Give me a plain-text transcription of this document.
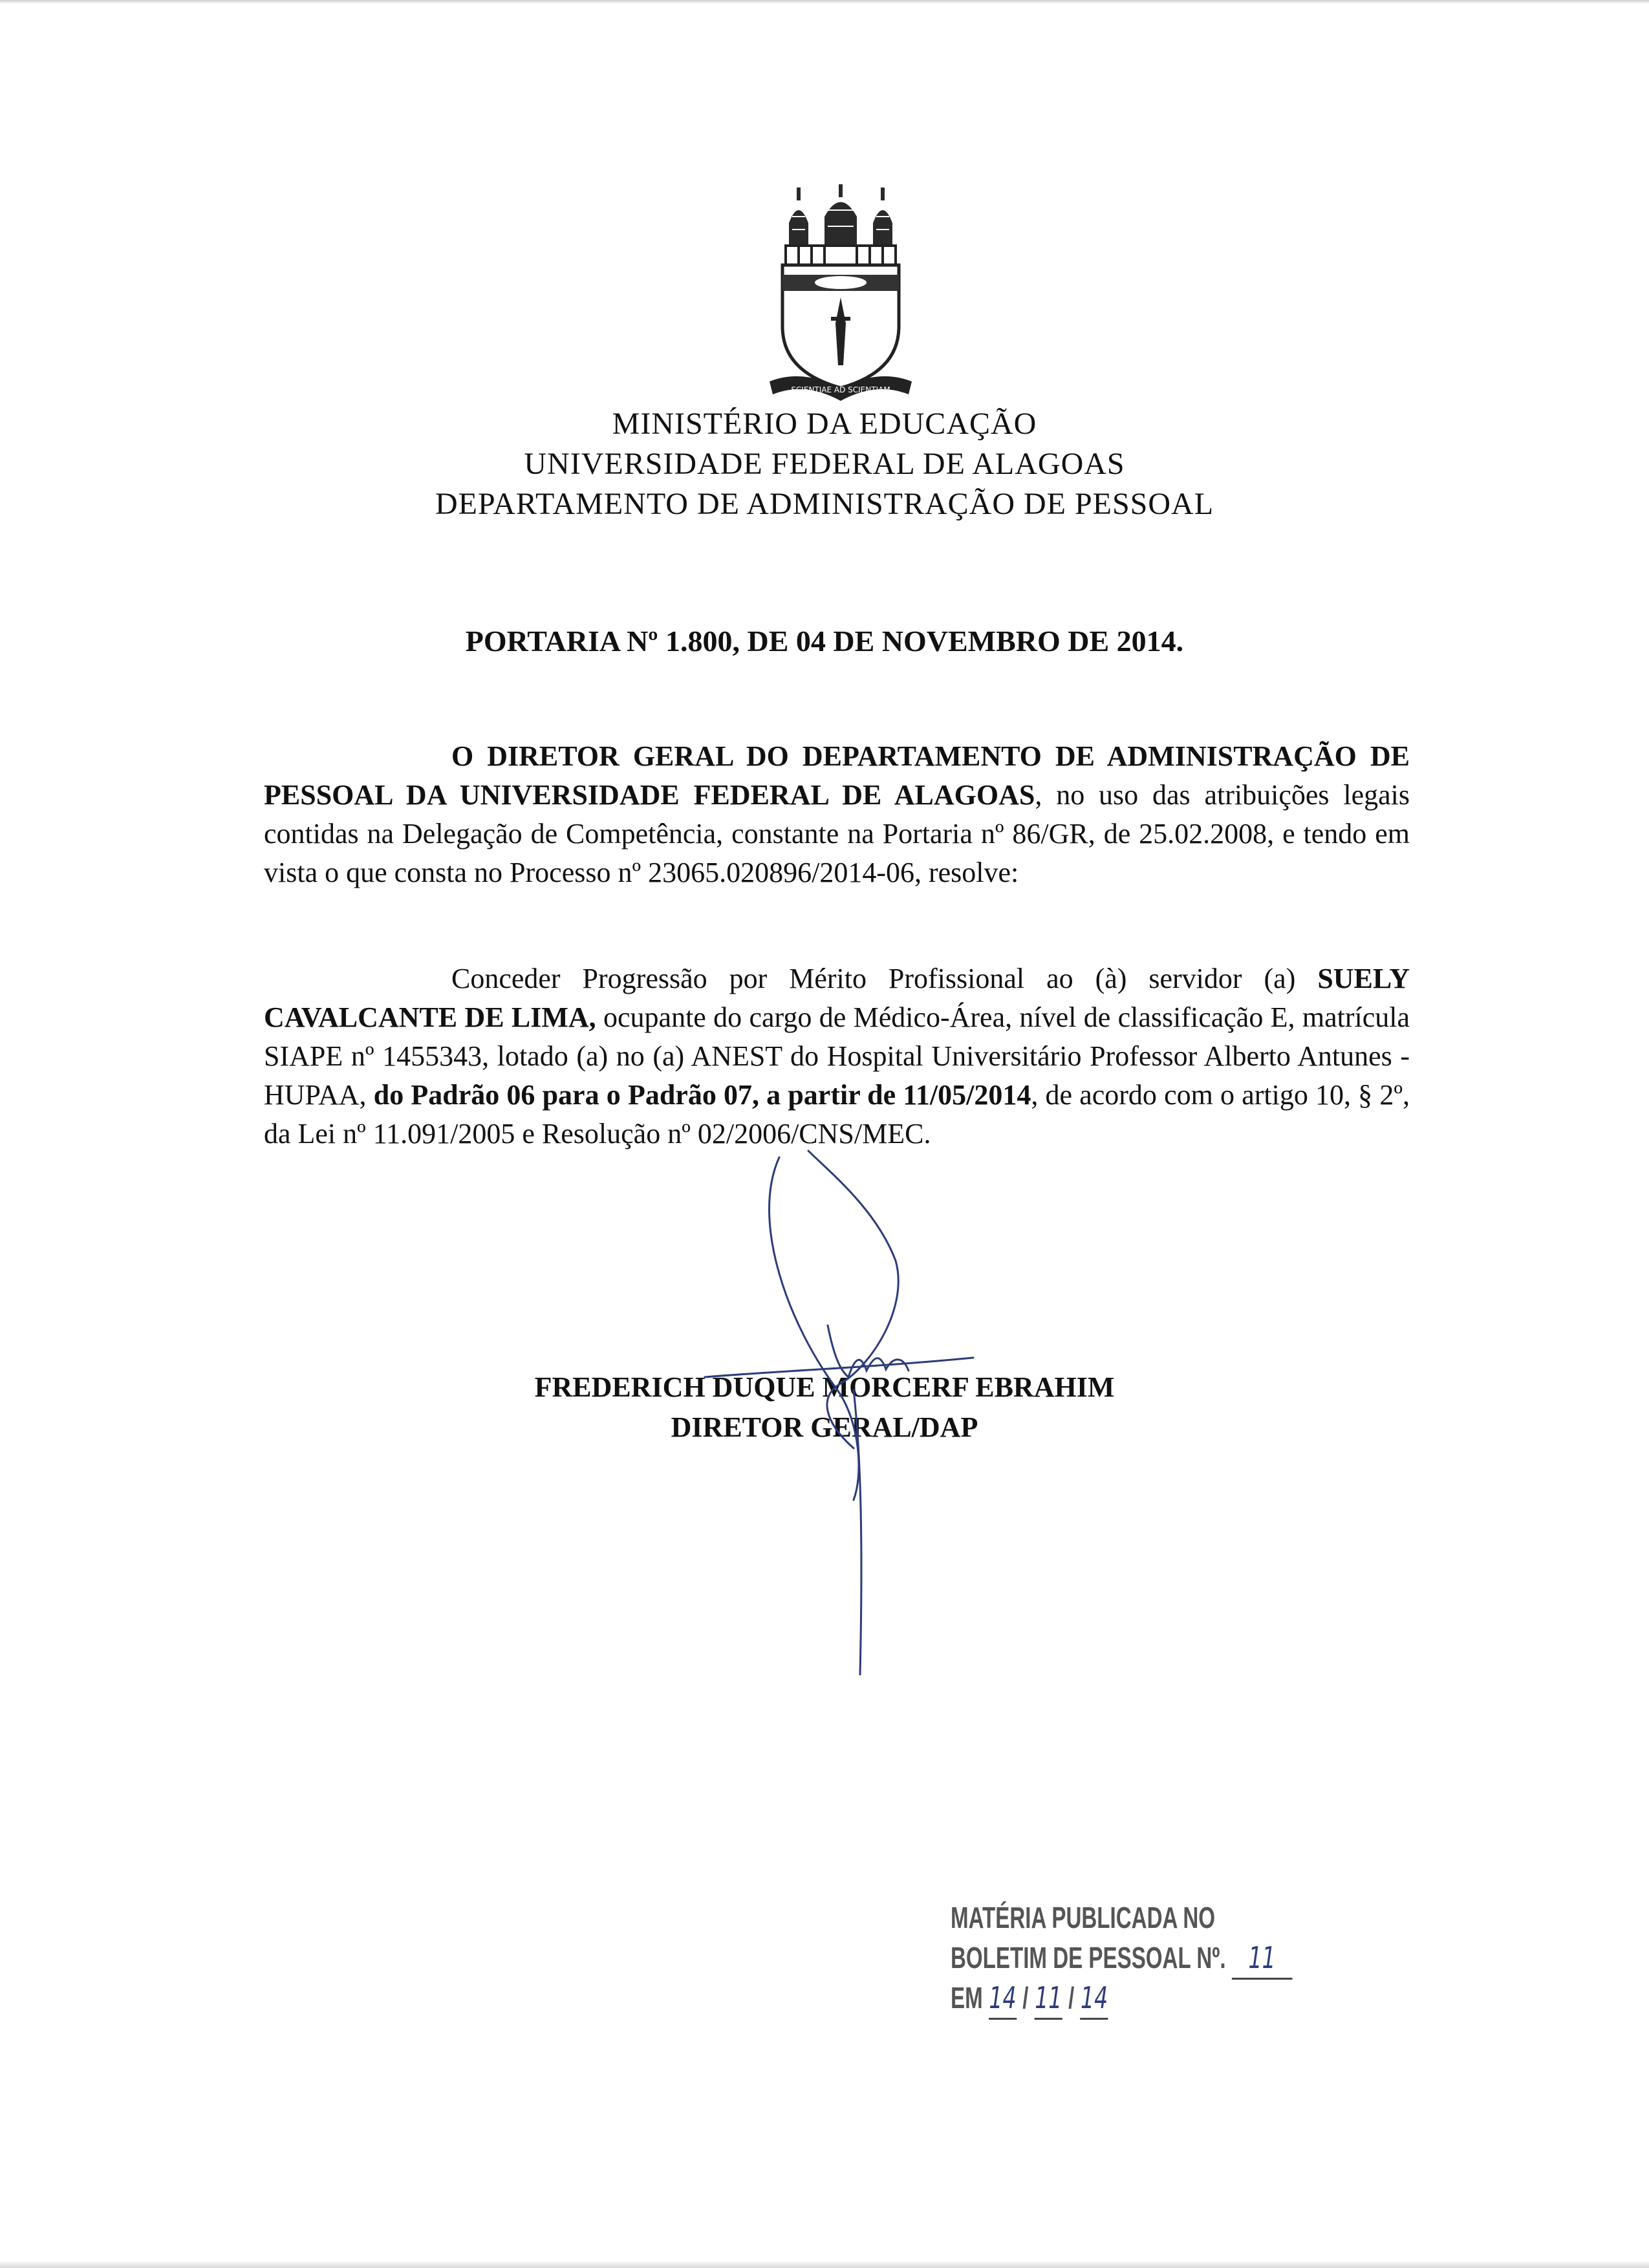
SCIENTIAE AD SCIENTIAM
MINISTÉRIO DA EDUCAÇÃO
UNIVERSIDADE FEDERAL DE ALAGOAS
DEPARTAMENTO DE ADMINISTRAÇÃO DE PESSOAL
PORTARIA Nº 1.800, DE 04 DE NOVEMBRO DE 2014.
O DIRETOR GERAL DO DEPARTAMENTO DE ADMINISTRAÇÃO DE PESSOAL DA UNIVERSIDADE FEDERAL DE ALAGOAS, no uso das atribuições legais contidas na Delegação de Competência, constante na Portaria nº 86/GR, de 25.02.2008, e tendo em vista o que consta no Processo nº 23065.020896/2014-06, resolve:
Conceder Progressão por Mérito Profissional ao (à) servidor (a) SUELY CAVALCANTE DE LIMA, ocupante do cargo de Médico-Área, nível de classificação E, matrícula SIAPE nº 1455343, lotado (a) no (a) ANEST do Hospital Universitário Professor Alberto Antunes - HUPAA, do Padrão 06 para o Padrão 07, a partir de 11/05/2014, de acordo com o artigo 10, § 2º, da Lei nº 11.091/2005 e Resolução nº 02/2006/CNS/MEC.
FREDERICH DUQUE MORCERF EBRAHIM
DIRETOR GERAL/DAP
MATÉRIA PUBLICADA NO
BOLETIM DE PESSOAL Nº. 11
EM 14 / 11 / 14
